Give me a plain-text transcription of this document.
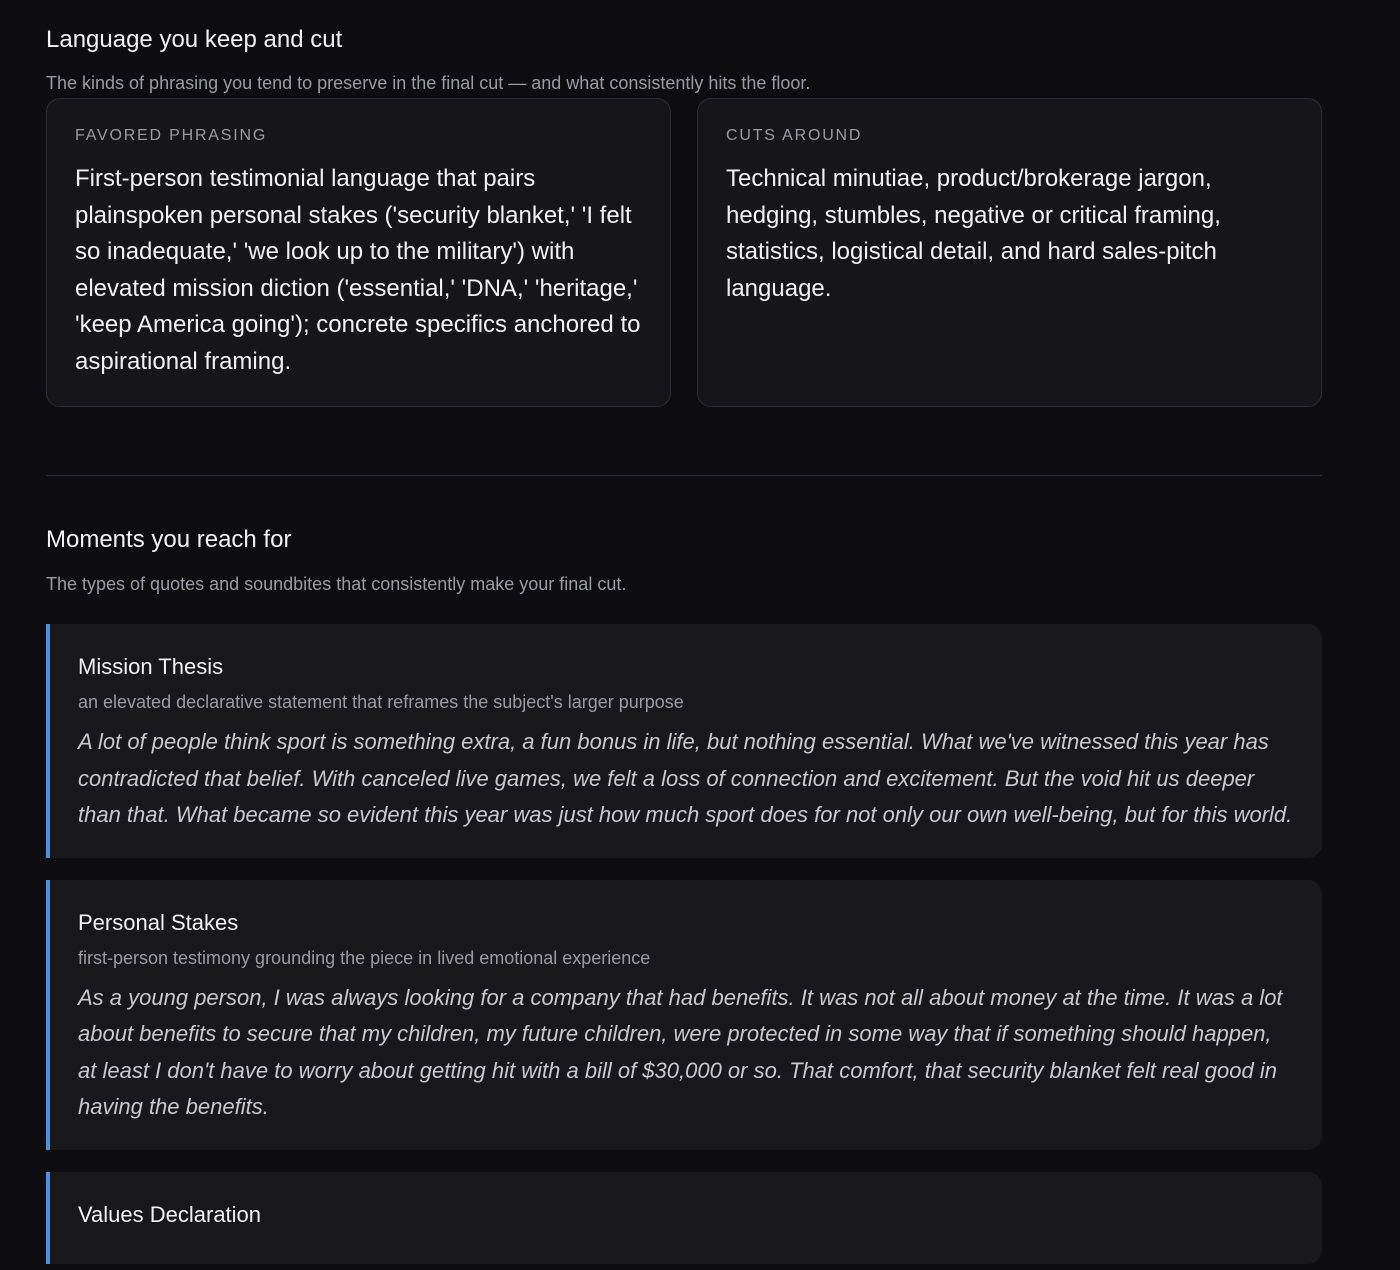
Language you keep and cut

The kinds of phrasing you tend to preserve in the final cut — and what consistently hits the floor.

FAVORED PHRASING
First-person testimonial language that pairs plainspoken personal stakes ('security blanket,' 'I felt so inadequate,' 'we look up to the military') with elevated mission diction ('essential,' 'DNA,' 'heritage,' 'keep America going'); concrete specifics anchored to aspirational framing.
CUTS AROUND
Technical minutiae, product/brokerage jargon, hedging, stumbles, negative or critical framing, statistics, logistical detail, and hard sales-pitch language.
Moments you reach for

The types of quotes and soundbites that consistently make your final cut.

Mission Thesis
an elevated declarative statement that reframes the subject's larger purpose
A lot of people think sport is something extra, a fun bonus in life, but nothing essential. What we've witnessed this year has contradicted that belief. With canceled live games, we felt a loss of connection and excitement. But the void hit us deeper than that. What became so evident this year was just how much sport does for not only our own well-being, but for this world.
Personal Stakes
first-person testimony grounding the piece in lived emotional experience
As a young person, I was always looking for a company that had benefits. It was not all about money at the time. It was a lot about benefits to secure that my children, my future children, were protected in some way that if something should happen, at least I don't have to worry about getting hit with a bill of $30,000 or so. That comfort, that security blanket felt real good in having the benefits.
Values Declaration
